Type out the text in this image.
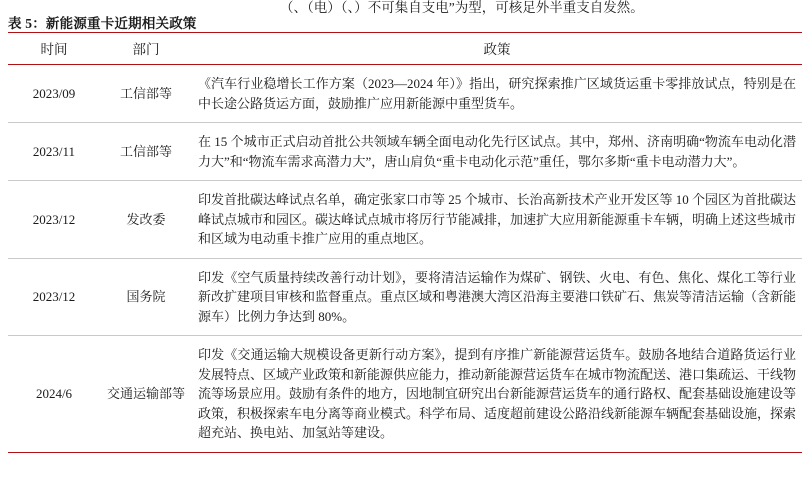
（、（电）（、）不可集自支电”为型，可核足外半重支自发然。
表 5：新能源重卡近期相关政策
时间	部门	政策
2023/09	工信部等	《汽车行业稳增长工作方案（2023—2024 年）》指出，研究探索推广区域货运重卡零排放试点，特别是在中长途公路货运方面，鼓励推广应用新能源中重型货车。
2023/11	工信部等	在 15 个城市正式启动首批公共领域车辆全面电动化先行区试点。其中，郑州、济南明确“物流车电动化潜力大”和“物流车需求高潜力大”，唐山肩负“重卡电动化示范”重任，鄂尔多斯“重卡电动潜力大”。
2023/12	发改委	印发首批碳达峰试点名单，确定张家口市等 25 个城市、长治高新技术产业开发区等 10 个园区为首批碳达峰试点城市和园区。碳达峰试点城市将厉行节能减排，加速扩大应用新能源重卡车辆，明确上述这些城市和区域为电动重卡推广应用的重点地区。
2023/12	国务院	印发《空气质量持续改善行动计划》，要将清洁运输作为煤矿、钢铁、火电、有色、焦化、煤化工等行业新改扩建项目审核和监督重点。重点区域和粤港澳大湾区沿海主要港口铁矿石、焦炭等清洁运输（含新能源车）比例力争达到 80%。
2024/6	交通运输部等	印发《交通运输大规模设备更新行动方案》，提到有序推广新能源营运货车。鼓励各地结合道路货运行业发展特点、区域产业政策和新能源供应能力，推动新能源营运货车在城市物流配送、港口集疏运、干线物流等场景应用。鼓励有条件的地方，因地制宜研究出台新能源营运货车的通行路权、配套基础设施建设等政策，积极探索车电分离等商业模式。科学布局、适度超前建设公路沿线新能源车辆配套基础设施，探索超充站、换电站、加氢站等建设。
